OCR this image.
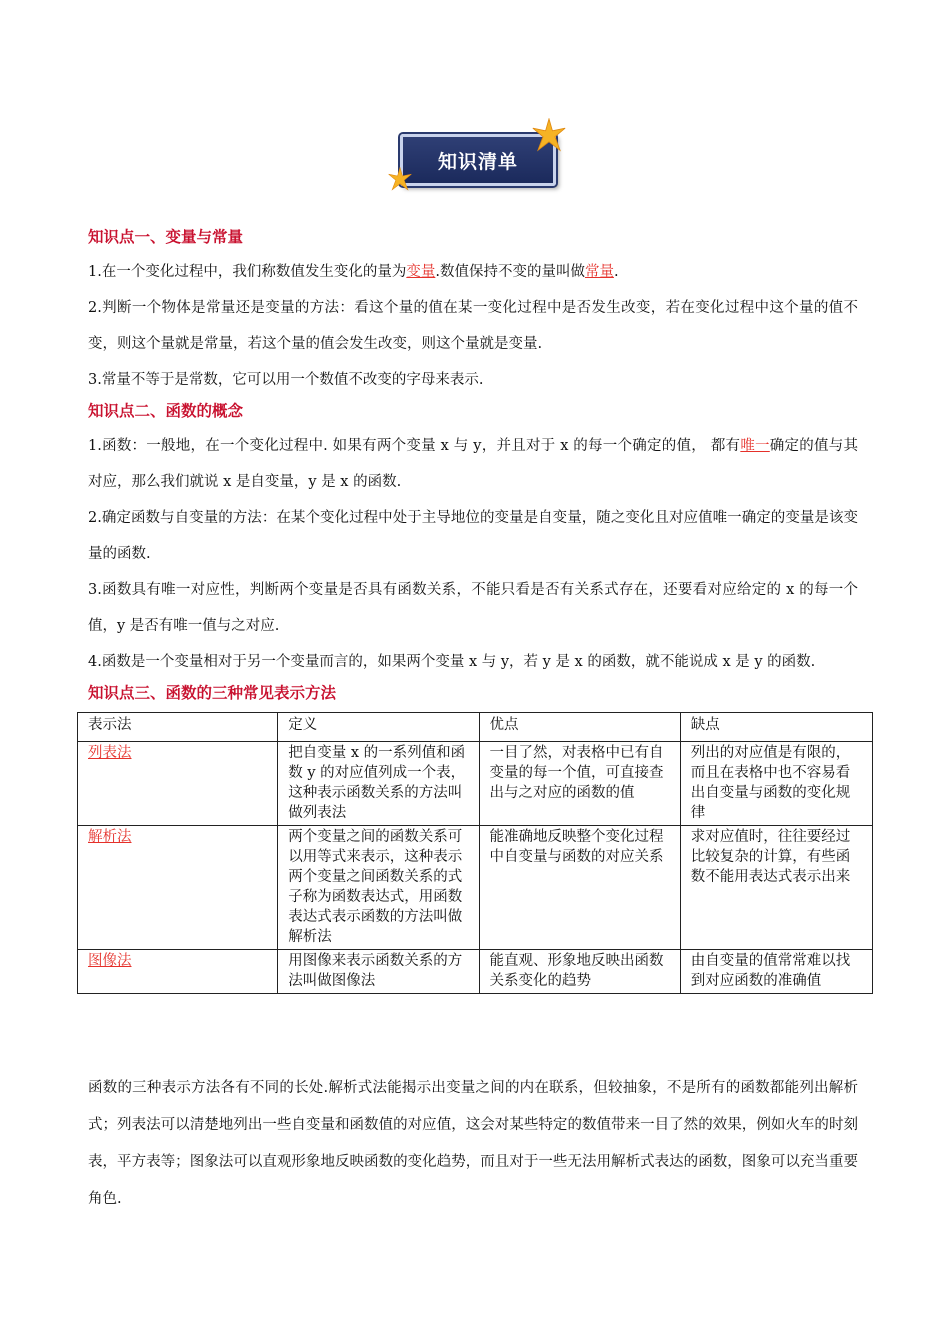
知识清单
知识点一、变量与常量

1.在一个变化过程中，我们称数值发生变化的量为变量.数值保持不变的量叫做常量.

2.判断一个物体是常量还是变量的方法：看这个量的值在某一变化过程中是否发生改变，若在变化过程中这个量的值不变，则这个量就是常量，若这个量的值会发生改变，则这个量就是变量.

3.常量不等于是常数，它可以用一个数值不改变的字母来表示.

知识点二、函数的概念

1.函数：一般地，在一个变化过程中. 如果有两个变量 x 与 y，并且对于 x 的每一个确定的值， 都有唯一确定的值与其对应，那么我们就说 x 是自变量，y 是 x 的函数.

2.确定函数与自变量的方法：在某个变化过程中处于主导地位的变量是自变量，随之变化且对应值唯一确定的变量是该变量的函数.

3.函数具有唯一对应性，判断两个变量是否具有函数关系，不能只看是否有关系式存在，还要看对应给定的 x 的每一个值，y 是否有唯一值与之对应.

4.函数是一个变量相对于另一个变量而言的，如果两个变量 x 与 y，若 y 是 x 的函数，就不能说成 x 是 y 的函数.

知识点三、函数的三种常见表示方法
表示法	定义	优点	缺点
列表法	把自变量 x 的一系列值和函数 y 的对应值列成一个表，这种表示函数关系的方法叫做列表法	一目了然，对表格中已有自变量的每一个值，可直接查出与之对应的函数的值	列出的对应值是有限的，而且在表格中也不容易看出自变量与函数的变化规律
解析法	两个变量之间的函数关系可以用等式来表示，这种表示两个变量之间函数关系的式子称为函数表达式，用函数表达式表示函数的方法叫做解析法	能准确地反映整个变化过程中自变量与函数的对应关系	求对应值时，往往要经过比较复杂的计算，有些函数不能用表达式表示出来
图像法	用图像来表示函数关系的方法叫做图像法	能直观、形象地反映出函数关系变化的趋势	由自变量的值常常难以找到对应函数的准确值

函数的三种表示方法各有不同的长处.解析式法能揭示出变量之间的内在联系，但较抽象，不是所有的函数都能列出解析式；列表法可以清楚地列出一些自变量和函数值的对应值，这会对某些特定的数值带来一目了然的效果，例如火车的时刻表，平方表等；图象法可以直观形象地反映函数的变化趋势，而且对于一些无法用解析式表达的函数，图象可以充当重要角色.
